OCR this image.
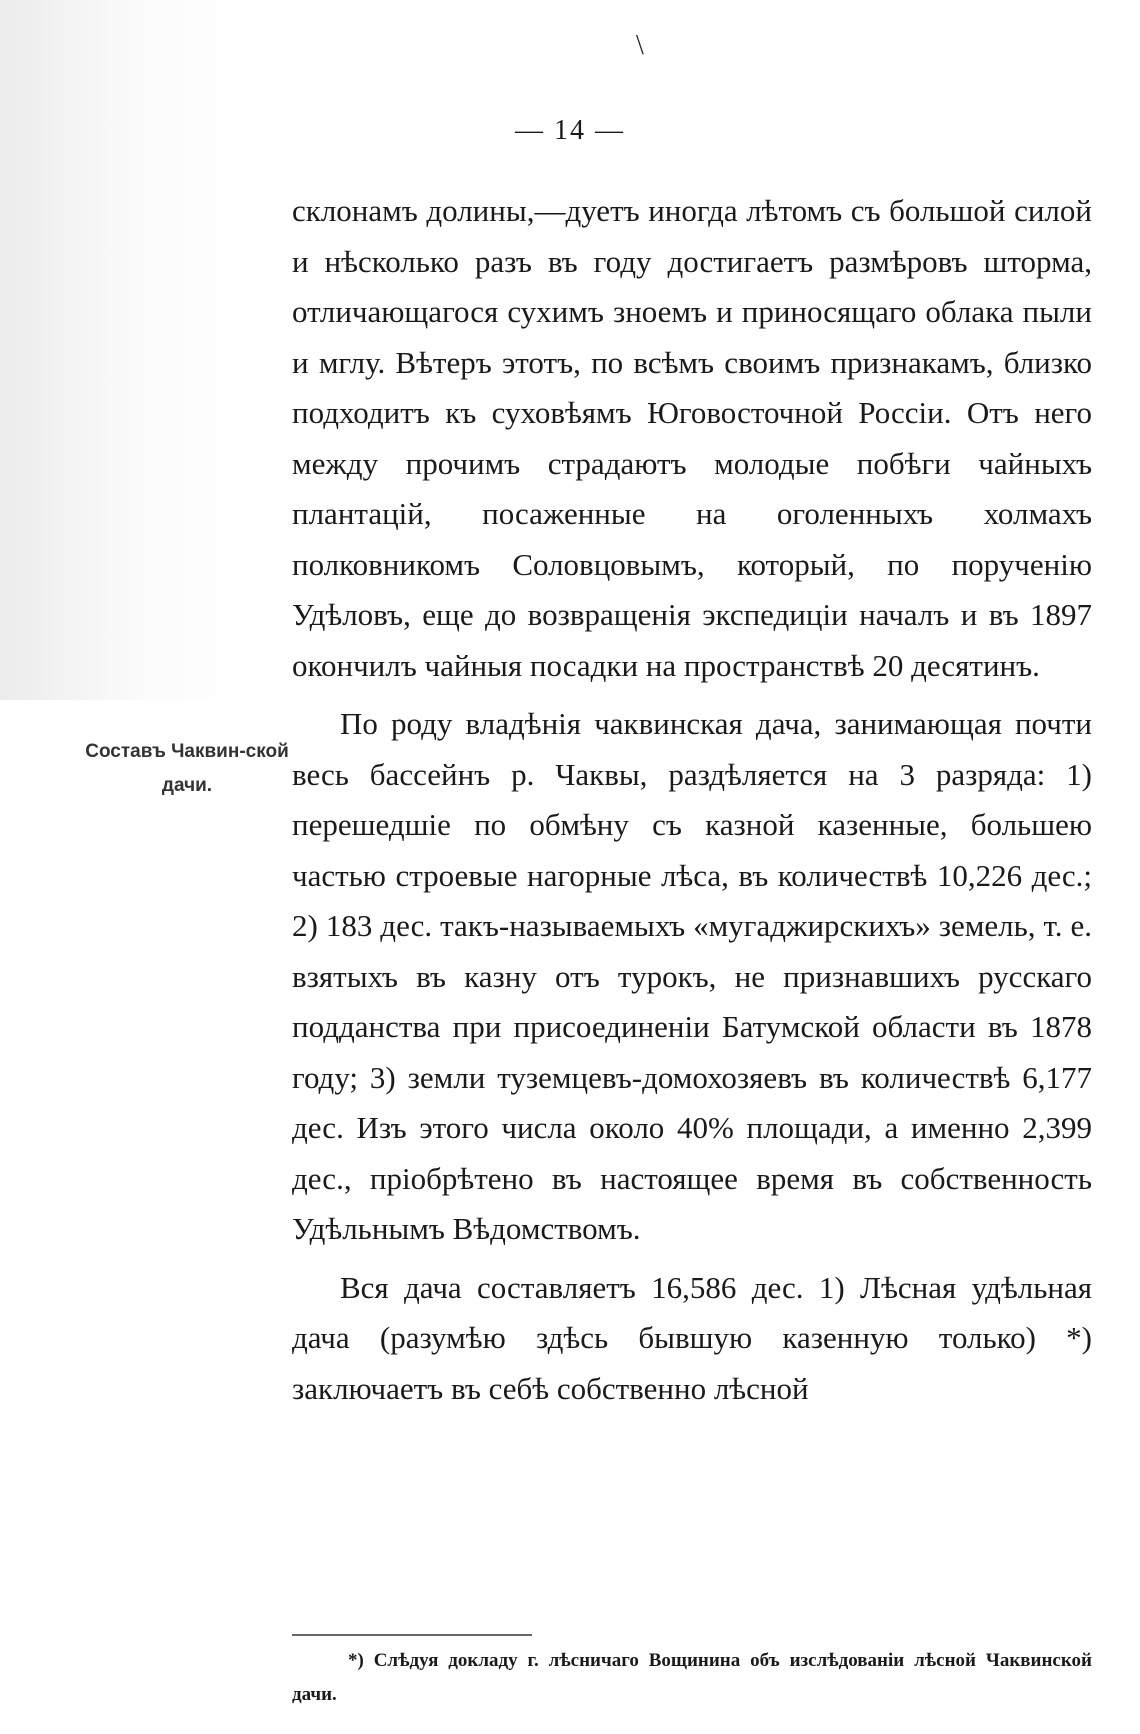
\
— 14 —
Составъ Чаквин-ской дачи.

склонамъ долины,—дуетъ иногда лѣтомъ съ большой силой и нѣсколько разъ въ году достигаетъ размѣровъ шторма, отличающагося сухимъ зноемъ и приносящаго облака пыли и мглу. Вѣтеръ этотъ, по всѣмъ своимъ признакамъ, близко подходитъ къ суховѣямъ Юговосточной Россіи. Отъ него между прочимъ страдаютъ молодые побѣги чайныхъ плантацій, посаженные на оголенныхъ холмахъ полковникомъ Соловцовымъ, который, по порученію Удѣловъ, еще до возвращенія экспедиціи началъ и въ 1897 окончилъ чайныя посадки на пространствѣ 20 десятинъ.

По роду владѣнія чаквинская дача, занимающая почти весь бассейнъ р. Чаквы, раздѣляется на 3 разряда: 1) перешедшіе по обмѣну съ казной казенные, большею частью строевые нагорные лѣса, въ количествѣ 10,226 дес.; 2) 183 дес. такъ-называемыхъ «мугаджирскихъ» земель, т. е. взятыхъ въ казну отъ турокъ, не признавшихъ русскаго подданства при присоединеніи Батумской области въ 1878 году; 3) земли туземцевъ-домохозяевъ въ количествѣ 6,177 дес. Изъ этого числа около 40% площади, а именно 2,399 дес., пріобрѣтено въ настоящее время въ собственность Удѣльнымъ Вѣдомствомъ.

Вся дача составляетъ 16,586 дес. 1) Лѣсная удѣльная дача (разумѣю здѣсь бывшую казенную только) *) заключаетъ въ себѣ собственно лѣсной

*) Слѣдуя докладу г. лѣсничаго Вощинина объ изслѣдованіи лѣсной Чаквинской дачи.
